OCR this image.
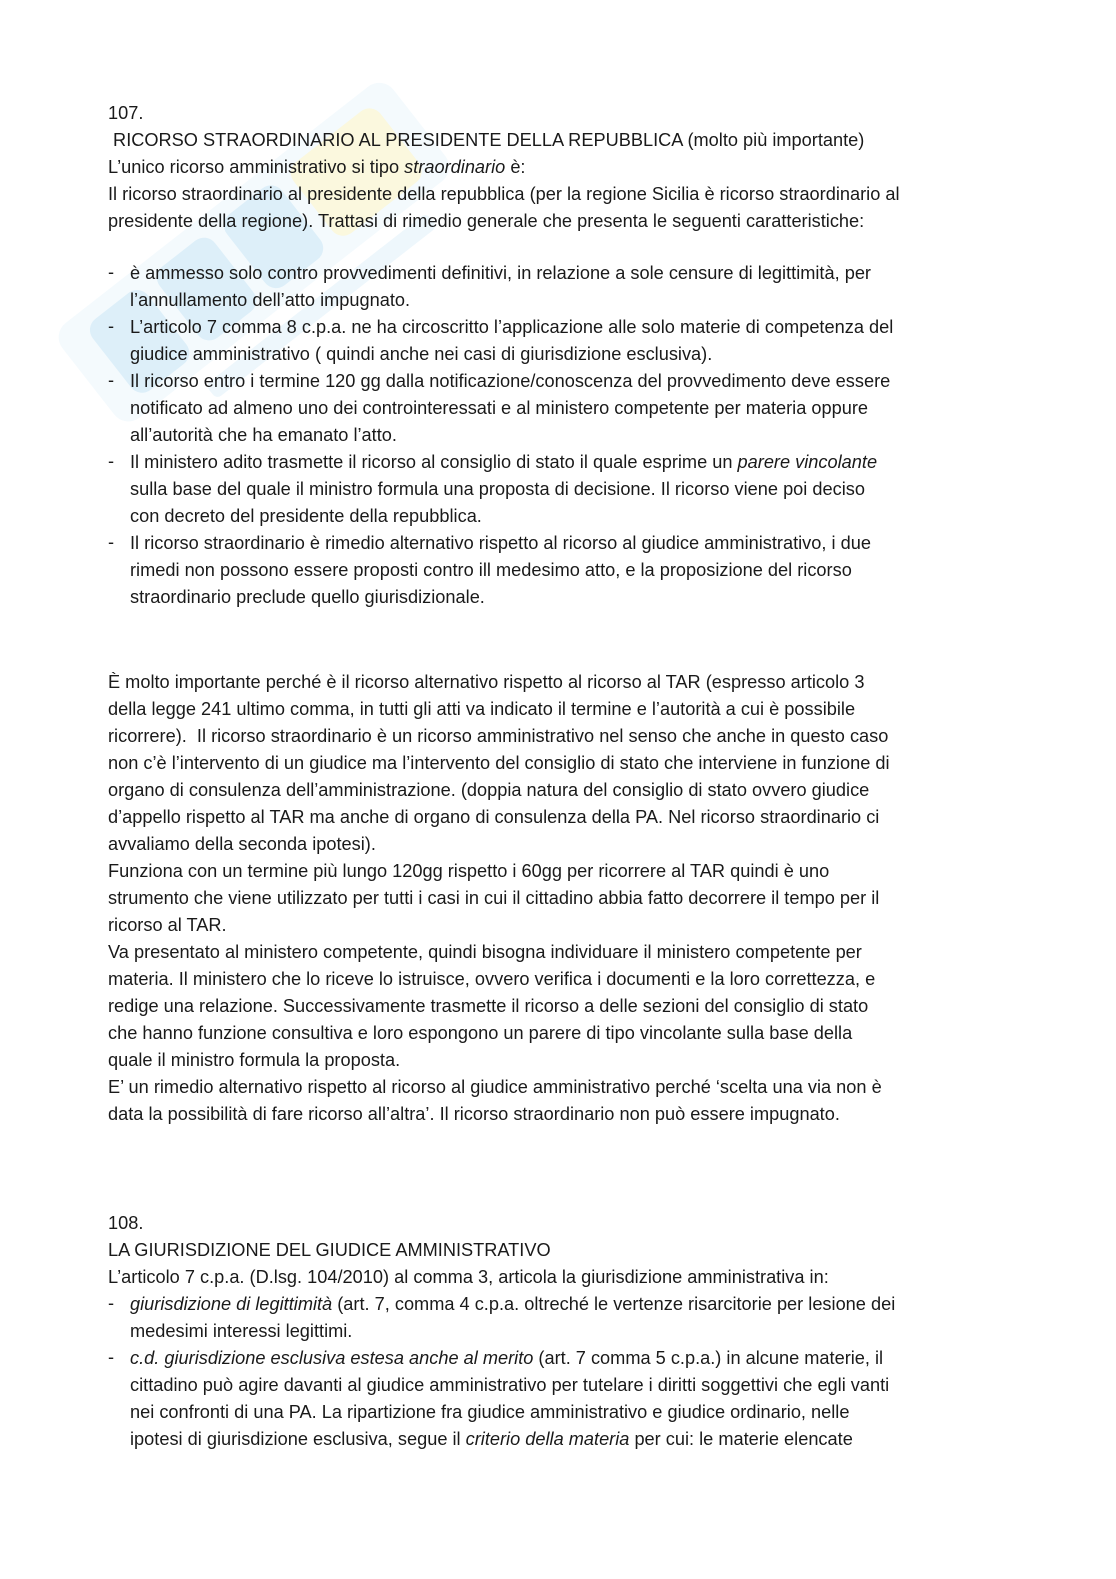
107.
RICORSO STRAORDINARIO AL PRESIDENTE DELLA REPUBBLICA (molto più importante)
L’unico ricorso amministrativo si tipo straordinario è:
Il ricorso straordinario al presidente della repubblica (per la regione Sicilia è ricorso straordinario al
presidente della regione). Trattasi di rimedio generale che presenta le seguenti caratteristiche:
- è ammesso solo contro provvedimenti definitivi, in relazione a sole censure di legittimità, per
l’annullamento dell’atto impugnato.
- L’articolo 7 comma 8 c.p.a. ne ha circoscritto l’applicazione alle solo materie di competenza del
giudice amministrativo ( quindi anche nei casi di giurisdizione esclusiva).
- Il ricorso entro i termine 120 gg dalla notificazione/conoscenza del provvedimento deve essere
notificato ad almeno uno dei controinteressati e al ministero competente per materia oppure
all’autorità che ha emanato l’atto.
- Il ministero adito trasmette il ricorso al consiglio di stato il quale esprime un parere vincolante
sulla base del quale il ministro formula una proposta di decisione. Il ricorso viene poi deciso
con decreto del presidente della repubblica.
- Il ricorso straordinario è rimedio alternativo rispetto al ricorso al giudice amministrativo, i due
rimedi non possono essere proposti contro ill medesimo atto, e la proposizione del ricorso
straordinario preclude quello giurisdizionale.
È molto importante perché è il ricorso alternativo rispetto al ricorso al TAR (espresso articolo 3
della legge 241 ultimo comma, in tutti gli atti va indicato il termine e l’autorità a cui è possibile
ricorrere).  Il ricorso straordinario è un ricorso amministrativo nel senso che anche in questo caso
non c’è l’intervento di un giudice ma l’intervento del consiglio di stato che interviene in funzione di
organo di consulenza dell’amministrazione. (doppia natura del consiglio di stato ovvero giudice
d’appello rispetto al TAR ma anche di organo di consulenza della PA. Nel ricorso straordinario ci
avvaliamo della seconda ipotesi).
Funziona con un termine più lungo 120gg rispetto i 60gg per ricorrere al TAR quindi è uno
strumento che viene utilizzato per tutti i casi in cui il cittadino abbia fatto decorrere il tempo per il
ricorso al TAR.
Va presentato al ministero competente, quindi bisogna individuare il ministero competente per
materia. Il ministero che lo riceve lo istruisce, ovvero verifica i documenti e la loro correttezza, e
redige una relazione. Successivamente trasmette il ricorso a delle sezioni del consiglio di stato
che hanno funzione consultiva e loro espongono un parere di tipo vincolante sulla base della
quale il ministro formula la proposta.
E’ un rimedio alternativo rispetto al ricorso al giudice amministrativo perché ‘scelta una via non è
data la possibilità di fare ricorso all’altra’. Il ricorso straordinario non può essere impugnato.
108.
LA GIURISDIZIONE DEL GIUDICE AMMINISTRATIVO
L’articolo 7 c.p.a. (D.lsg. 104/2010) al comma 3, articola la giurisdizione amministrativa in:
- giurisdizione di legittimità (art. 7, comma 4 c.p.a. oltreché le vertenze risarcitorie per lesione dei
medesimi interessi legittimi.
- c.d. giurisdizione esclusiva estesa anche al merito (art. 7 comma 5 c.p.a.) in alcune materie, il
cittadino può agire davanti al giudice amministrativo per tutelare i diritti soggettivi che egli vanti
nei confronti di una PA. La ripartizione fra giudice amministrativo e giudice ordinario, nelle
ipotesi di giurisdizione esclusiva, segue il criterio della materia per cui: le materie elencate
